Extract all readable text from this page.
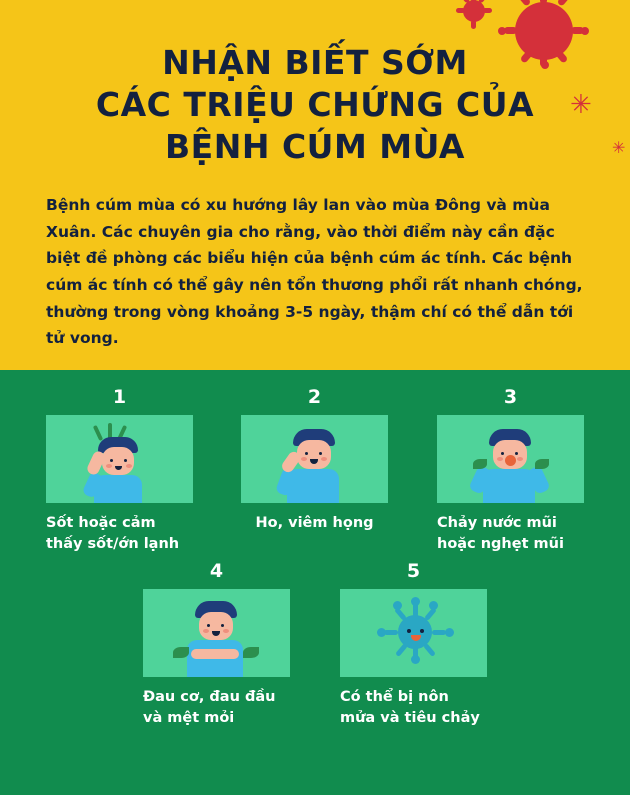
✳
✳
NHẬN BIẾT SỚM
CÁC TRIỆU CHỨNG CỦA
BỆNH CÚM MÙA
Bệnh cúm mùa có xu hướng lây lan vào mùa Đông và mùa Xuân. Các chuyên gia cho rằng, vào thời điểm này cần đặc biệt đề phòng các biểu hiện của bệnh cúm ác tính. Các bệnh cúm ác tính có thể gây nên tổn thương phổi rất nhanh chóng, thường trong vòng khoảng 3-5 ngày, thậm chí có thể dẫn tới tử vong.
1
Sốt hoặc cảm thấy sốt/ớn lạnh
2
Ho, viêm họng
3
Chảy nước mũi hoặc nghẹt mũi
4
Đau cơ, đau đầu và mệt mỏi
5
Có thể bị nôn mửa và tiêu chảy
